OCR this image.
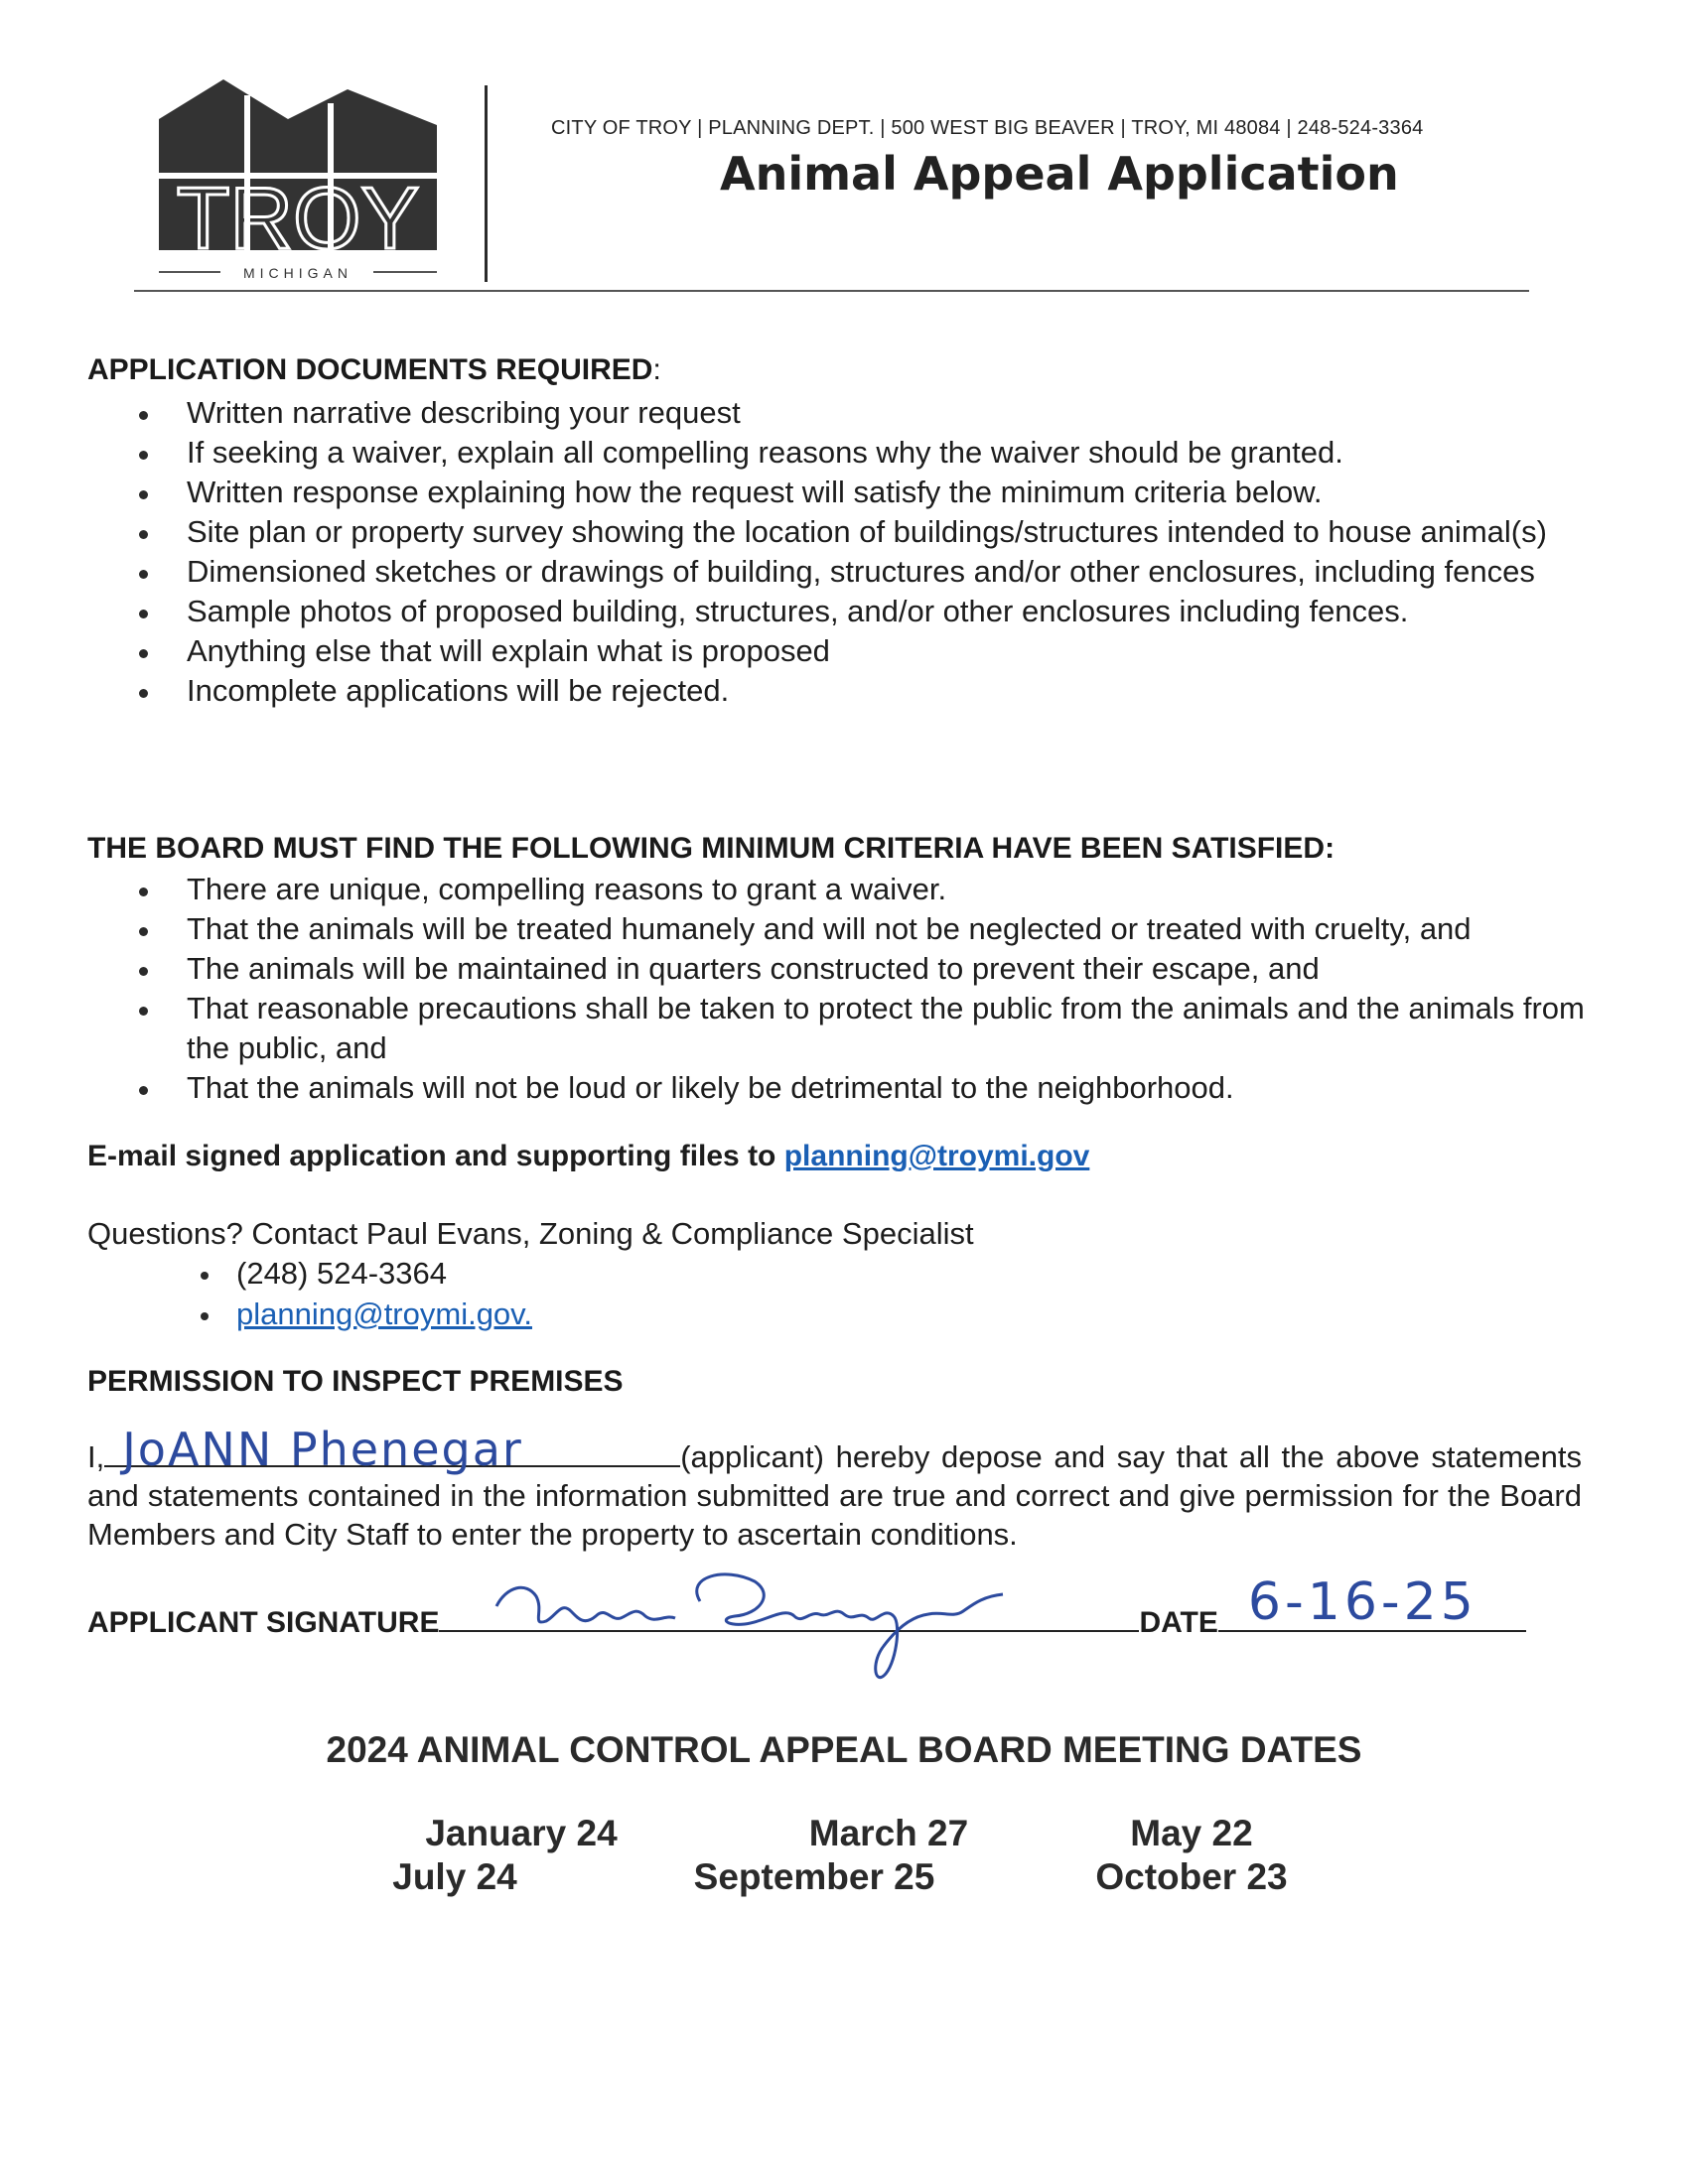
TROY
MICHIGAN
CITY OF TROY | PLANNING DEPT. | 500 WEST BIG BEAVER | TROY, MI 48084 | 248-524-3364
Animal Appeal Application
APPLICATION DOCUMENTS REQUIRED:
Written narrative describing your request
If seeking a waiver, explain all compelling reasons why the waiver should be granted.
Written response explaining how the request will satisfy the minimum criteria below.
Site plan or property survey showing the location of buildings/structures intended to house animal(s)
Dimensioned sketches or drawings of building, structures and/or other enclosures, including fences
Sample photos of proposed building, structures, and/or other enclosures including fences.
Anything else that will explain what is proposed
Incomplete applications will be rejected.
THE BOARD MUST FIND THE FOLLOWING MINIMUM CRITERIA HAVE BEEN SATISFIED:
There are unique, compelling reasons to grant a waiver.
That the animals will be treated humanely and will not be neglected or treated with cruelty, and
The animals will be maintained in quarters constructed to prevent their escape, and
That reasonable precautions shall be taken to protect the public from the animals and the animals from the public, and
That the animals will not be loud or likely be detrimental to the neighborhood.
E-mail signed application and supporting files to planning@troymi.gov
Questions? Contact Paul Evans, Zoning & Compliance Specialist
(248) 524-3364
planning@troymi.gov.
PERMISSION TO INSPECT PREMISES
I, JoANN Phenegar	(applicant) hereby depose and say that all the above statements and statements contained in the information submitted are true and correct and give permission for the Board Members and City Staff to enter the property to ascertain conditions.
APPLICANT SIGNATURE	DATE 6-16-25
2024 ANIMAL CONTROL APPEAL BOARD MEETING DATES
January 24	March 27	May 22
July 24	September 25	October 23
